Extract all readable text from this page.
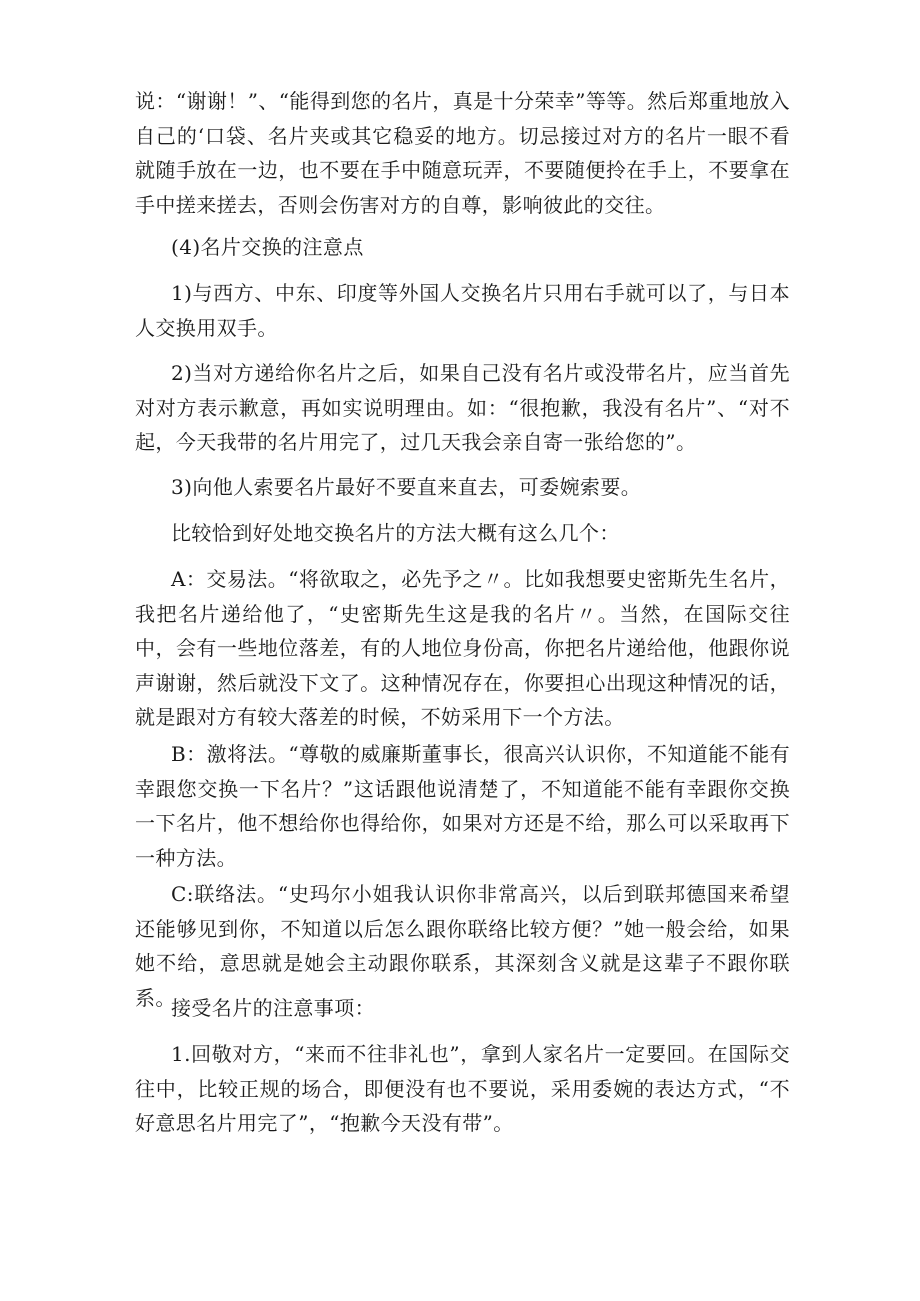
说：“谢谢！”、“能得到您的名片，真是十分荣幸”等等。然后郑重地放入自己的‘口袋、名片夹或其它稳妥的地方。切忌接过对方的名片一眼不看就随手放在一边，也不要在手中随意玩弄，不要随便拎在手上，不要拿在手中搓来搓去，否则会伤害对方的自尊，影响彼此的交往。

(4)名片交换的注意点

1)与西方、中东、印度等外国人交换名片只用右手就可以了，与日本人交换用双手。

2)当对方递给你名片之后，如果自己没有名片或没带名片，应当首先对对方表示歉意，再如实说明理由。如：“很抱歉，我没有名片”、“对不起，今天我带的名片用完了，过几天我会亲自寄一张给您的”。

3)向他人索要名片最好不要直来直去，可委婉索要。

比较恰到好处地交换名片的方法大概有这么几个：

A：交易法。“将欲取之，必先予之〃。比如我想要史密斯先生名片，我把名片递给他了，“史密斯先生这是我的名片〃。当然，在国际交往中，会有一些地位落差，有的人地位身份高，你把名片递给他，他跟你说声谢谢，然后就没下文了。这种情况存在，你要担心出现这种情况的话，就是跟对方有较大落差的时候，不妨采用下一个方法。

B：激将法。“尊敬的威廉斯董事长，很高兴认识你，不知道能不能有幸跟您交换一下名片？”这话跟他说清楚了，不知道能不能有幸跟你交换一下名片，他不想给你也得给你，如果对方还是不给，那么可以采取再下一种方法。

C:联络法。“史玛尔小姐我认识你非常高兴，以后到联邦德国来希望还能够见到你，不知道以后怎么跟你联络比较方便？”她一般会给，如果她不给，意思就是她会主动跟你联系，其深刻含义就是这辈子不跟你联系。

接受名片的注意事项：

1.回敬对方，“来而不往非礼也”，拿到人家名片一定要回。在国际交往中，比较正规的场合，即便没有也不要说，采用委婉的表达方式，“不好意思名片用完了”，“抱歉今天没有带”。
